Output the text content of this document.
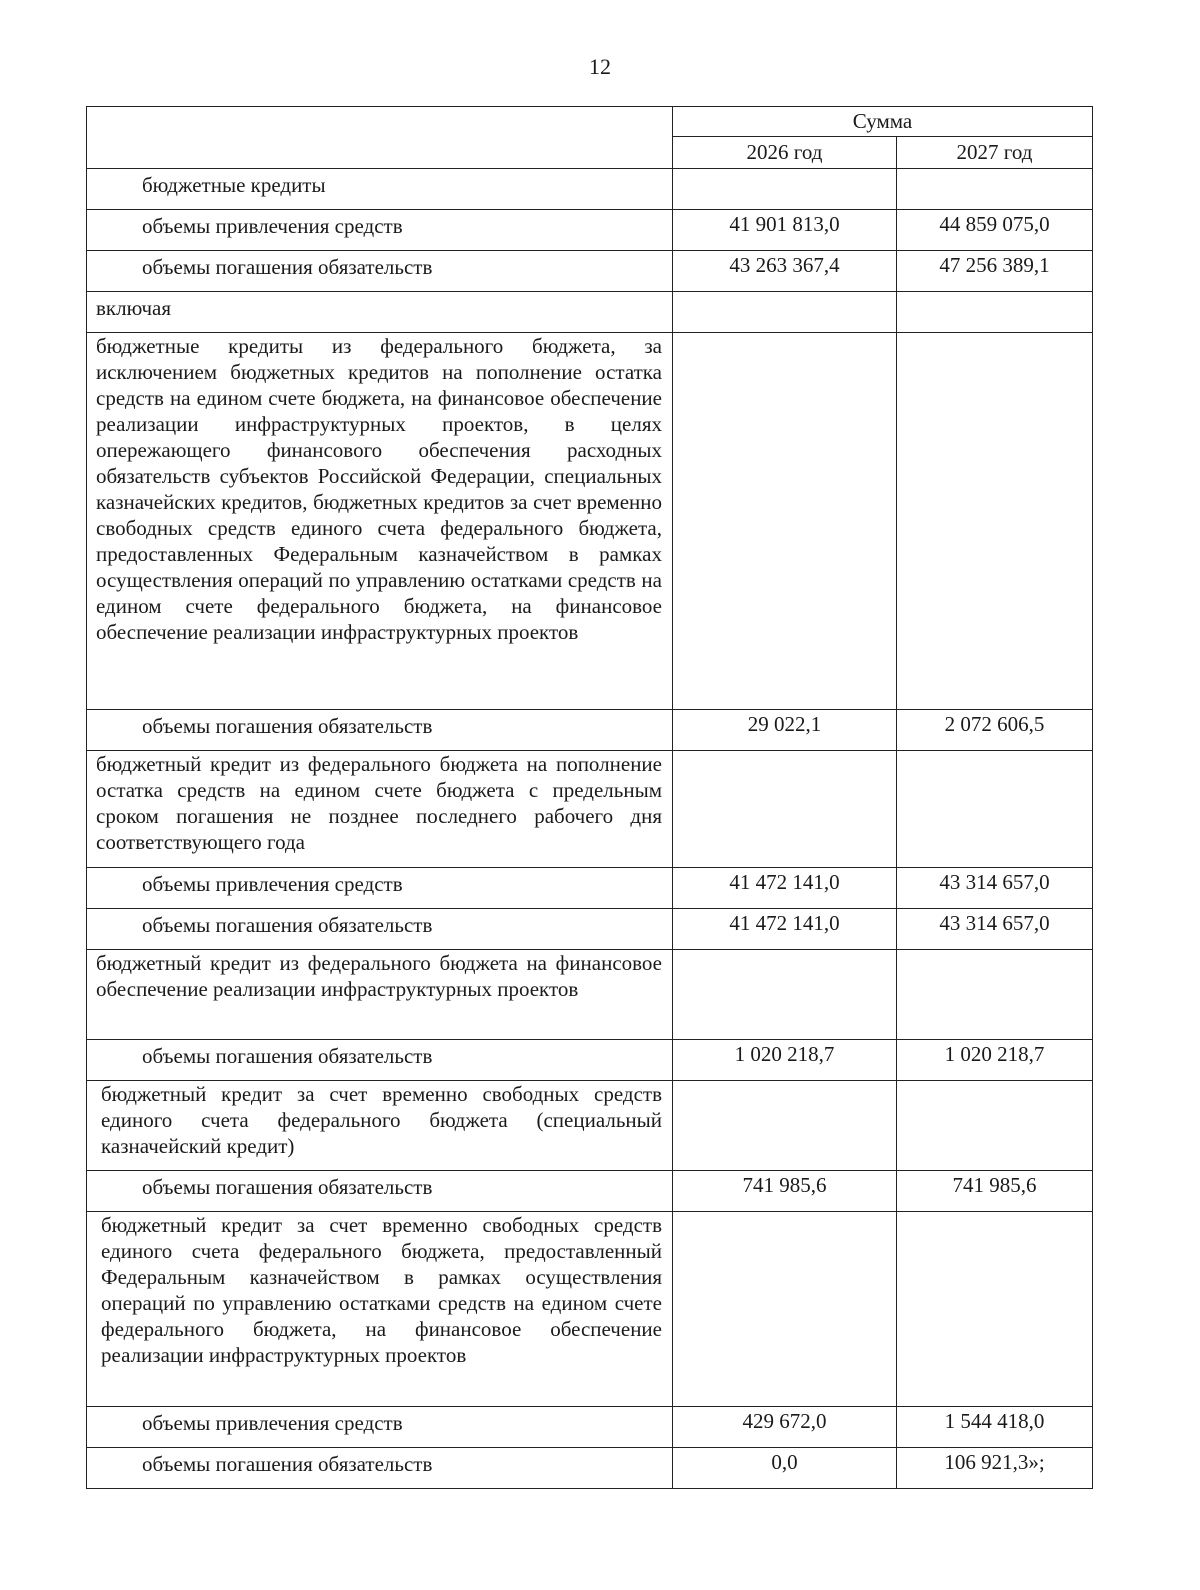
12
	Сумма	
	2026 год	2027 год
бюджетные кредиты		
объемы привлечения средств	41 901 813,0	44 859 075,0
объемы погашения обязательств	43 263 367,4	47 256 389,1
включая		
бюджетные кредиты из федерального бюджета, за исключением бюджетных кредитов на пополнение остатка средств на едином счете бюджета, на финансовое обеспечение реализации инфраструктурных проектов, в целях опережающего финансового обеспечения расходных обязательств субъектов Российской Федерации, специальных казначейских кредитов, бюджетных кредитов за счет временно свободных средств единого счета федерального бюджета, предоставленных Федеральным казначейством в рамках осуществления операций по управлению остатками средств на едином счете федерального бюджета, на финансовое обеспечение реализации инфраструктурных проектов		
объемы погашения обязательств	29 022,1	2 072 606,5
бюджетный кредит из федерального бюджета на пополнение остатка средств на едином счете бюджета с предельным сроком погашения не позднее последнего рабочего дня соответствующего года		
объемы привлечения средств	41 472 141,0	43 314 657,0
объемы погашения обязательств	41 472 141,0	43 314 657,0
бюджетный кредит из федерального бюджета на финансовое обеспечение реализации инфраструктурных проектов		
объемы погашения обязательств	1 020 218,7	1 020 218,7
бюджетный кредит за счет временно свободных средств единого счета федерального бюджета (специальный казначейский кредит)		
объемы погашения обязательств	741 985,6	741 985,6
бюджетный кредит за счет временно свободных средств единого счета федерального бюджета, предоставленный Федеральным казначейством в рамках осуществления операций по управлению остатками средств на едином счете федерального бюджета, на финансовое обеспечение реализации инфраструктурных проектов		
объемы привлечения средств	429 672,0	1 544 418,0
объемы погашения обязательств	0,0	106 921,3»;
